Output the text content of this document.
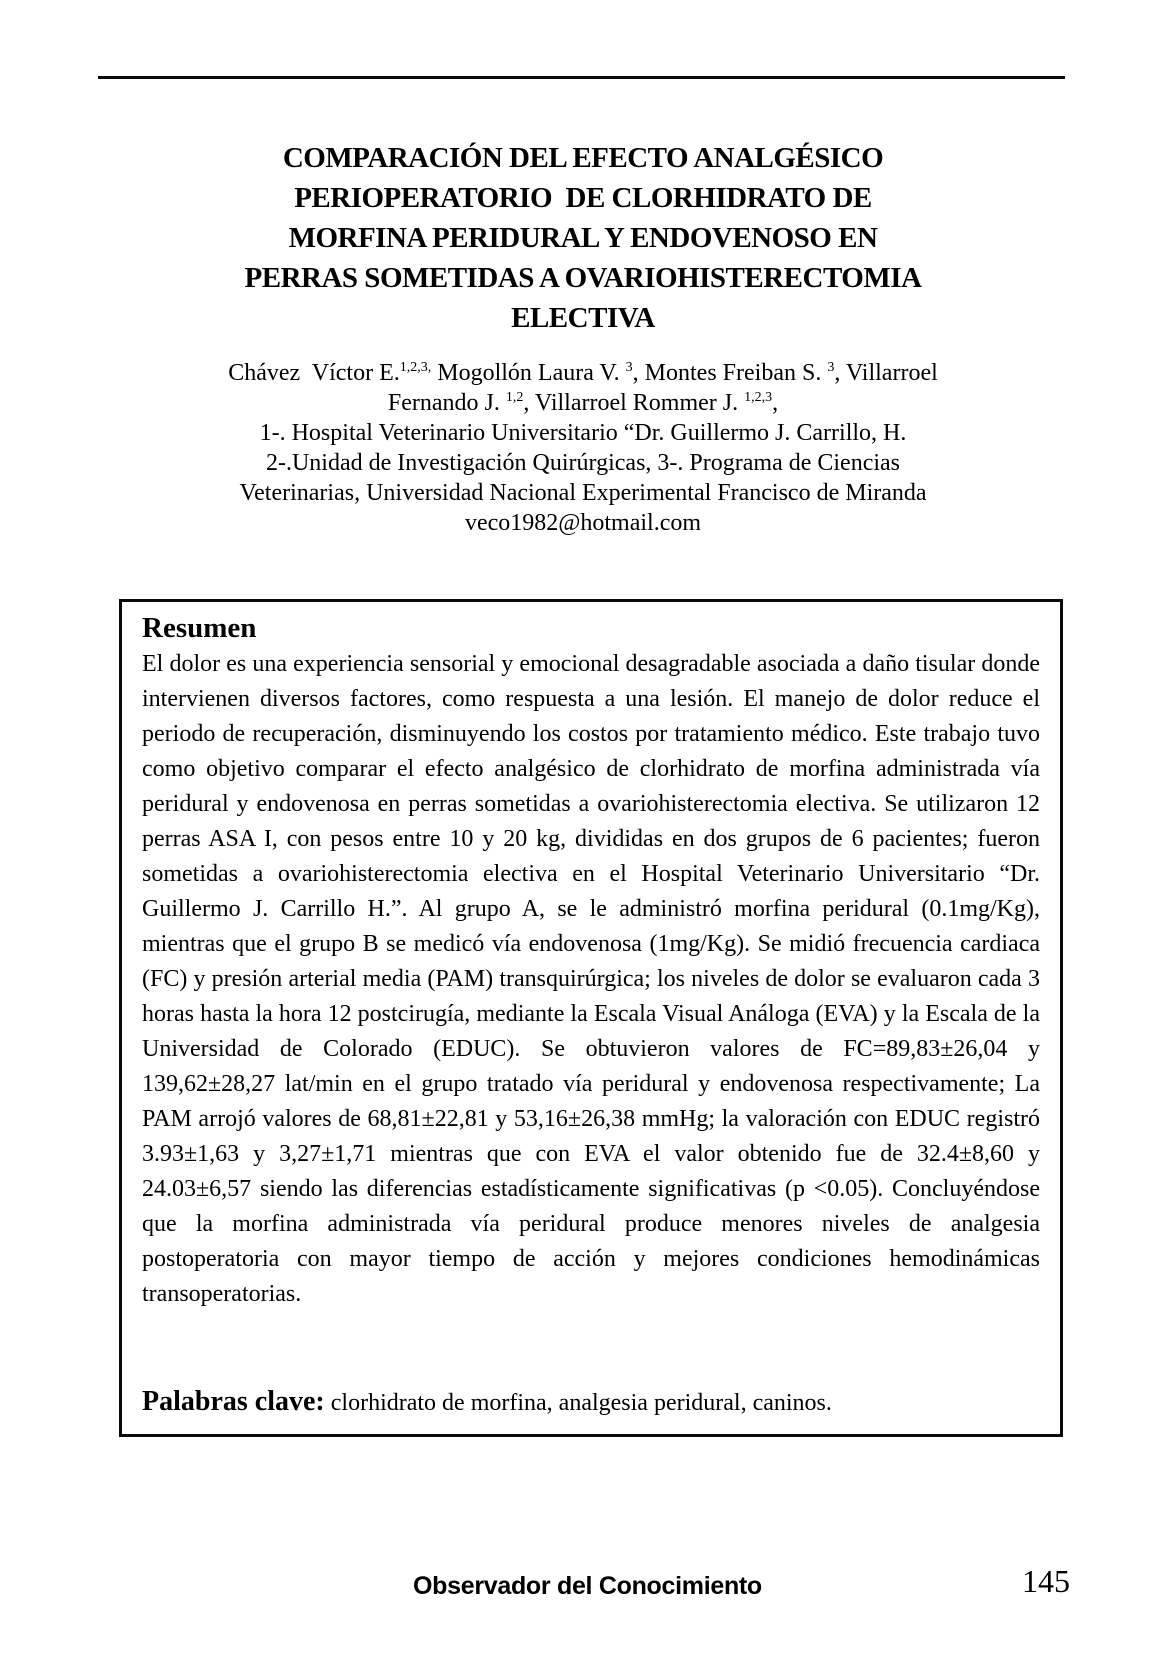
COMPARACIÓN DEL EFECTO ANALGÉSICO
PERIOPERATORIO  DE CLORHIDRATO DE
MORFINA PERIDURAL Y ENDOVENOSO EN
PERRAS SOMETIDAS A OVARIOHISTERECTOMIA
ELECTIVA
Chávez  Víctor E.$^{1,2,3,}$ Mogollón Laura V. $^3$, Montes Freiban S. $^3$, Villarroel
Fernando J. $^{1,2}$, Villarroel Rommer J. $^{1,2,3}$,
1-. Hospital Veterinario Universitario “Dr. Guillermo J. Carrillo, H.
2-.Unidad de Investigación Quirúrgicas, 3-. Programa de Ciencias
Veterinarias, Universidad Nacional Experimental Francisco de Miranda
veco1982@hotmail.com
Resumen

El dolor es una experiencia sensorial y emocional desagradable asociada a daño tisular donde intervienen diversos factores, como respuesta a una lesión. El manejo de dolor reduce el periodo de recuperación, disminuyendo los costos por tratamiento médico. Este trabajo tuvo como objetivo comparar el efecto analgésico de clorhidrato de morfina administrada vía peridural y endovenosa en perras sometidas a ovariohisterectomia electiva. Se utilizaron 12 perras ASA I, con pesos entre 10 y 20 kg, divididas en dos grupos de 6 pacientes; fueron sometidas a ovariohisterectomia electiva en el Hospital Veterinario Universitario “Dr. Guillermo J. Carrillo H.”. Al grupo A, se le administró morfina peridural (0.1mg/Kg), mientras que el grupo B se medicó vía endovenosa (1mg/Kg). Se midió frecuencia cardiaca (FC) y presión arterial media (PAM) transquirúrgica; los niveles de dolor se evaluaron cada 3 horas hasta la hora 12 postcirugía, mediante la Escala Visual Análoga (EVA) y la Escala de la Universidad de Colorado (EDUC). Se obtuvieron valores de FC=89,83±26,04 y 139,62±28,27 lat/min en el grupo tratado vía peridural y endovenosa respectivamente; La PAM arrojó valores de 68,81±22,81 y 53,16±26,38 mmHg; la valoración con EDUC registró 3.93±1,63 y 3,27±1,71 mientras que con EVA el valor obtenido fue de 32.4±8,60 y 24.03±6,57 siendo las diferencias estadísticamente significativas (p <0.05). Concluyéndose que la morfina administrada vía peridural produce menores niveles de analgesia postoperatoria con mayor tiempo de acción y mejores condiciones hemodinámicas transoperatorias.

Palabras clave: clorhidrato de morfina, analgesia peridural, caninos.
Observador del Conocimiento	145
